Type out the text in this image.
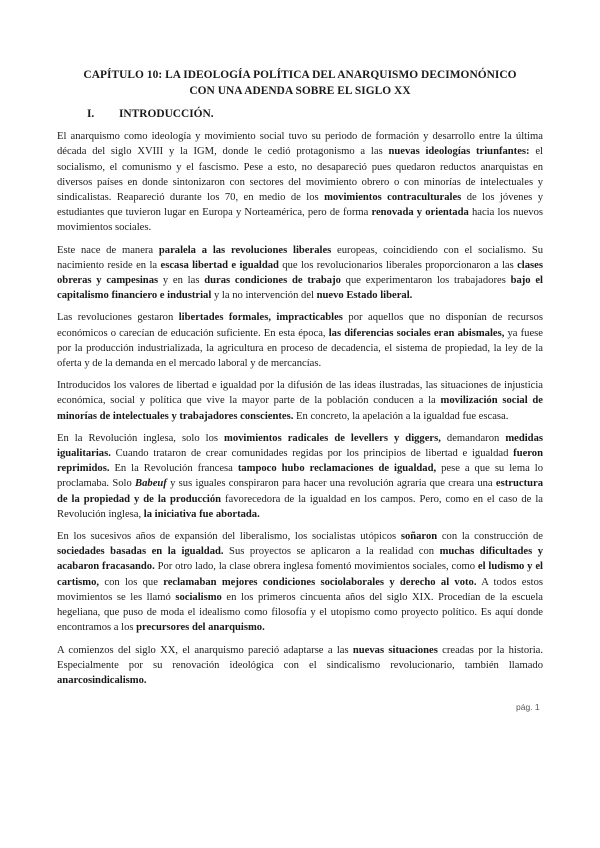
CAPÍTULO 10: LA IDEOLOGÍA POLÍTICA DEL ANARQUISMO DECIMONÓNICO
CON UNA ADENDA SOBRE EL SIGLO XX
I.	INTRODUCCIÓN.

El anarquismo como ideología y movimiento social tuvo su periodo de formación y desarrollo entre la última década del siglo XVIII y la IGM, donde le cedió protagonismo a las nuevas ideologías triunfantes: el socialismo, el comunismo y el fascismo. Pese a esto, no desapareció pues quedaron reductos anarquistas en diversos países en donde sintonizaron con sectores del movimiento obrero o con minorías de intelectuales y sindicalistas. Reapareció durante los 70, en medio de los movimientos contraculturales de los jóvenes y estudiantes que tuvieron lugar en Europa y Norteamérica, pero de forma renovada y orientada hacia los nuevos movimientos sociales.

Este nace de manera paralela a las revoluciones liberales europeas, coincidiendo con el socialismo. Su nacimiento reside en la escasa libertad e igualdad que los revolucionarios liberales proporcionaron a las clases obreras y campesinas y en las duras condiciones de trabajo que experimentaron los trabajadores bajo el capitalismo financiero e industrial y la no intervención del nuevo Estado liberal.

Las revoluciones gestaron libertades formales, impracticables por aquellos que no disponían de recursos económicos o carecían de educación suficiente. En esta época, las diferencias sociales eran abismales, ya fuese por la producción industrializada, la agricultura en proceso de decadencia, el sistema de propiedad, la ley de la oferta y de la demanda en el mercado laboral y de mercancías.

Introducidos los valores de libertad e igualdad por la difusión de las ideas ilustradas, las situaciones de injusticia económica, social y política que vive la mayor parte de la población conducen a la movilización social de minorías de intelectuales y trabajadores conscientes. En concreto, la apelación a la igualdad fue escasa.

En la Revolución inglesa, solo los movimientos radicales de levellers y diggers, demandaron medidas igualitarias. Cuando trataron de crear comunidades regidas por los principios de libertad e igualdad fueron reprimidos. En la Revolución francesa tampoco hubo reclamaciones de igualdad, pese a que su lema lo proclamaba. Solo Babeuf y sus iguales conspiraron para hacer una revolución agraria que creara una estructura de la propiedad y de la producción favorecedora de la igualdad en los campos. Pero, como en el caso de la Revolución inglesa, la iniciativa fue abortada.

En los sucesivos años de expansión del liberalismo, los socialistas utópicos soñaron con la construcción de sociedades basadas en la igualdad. Sus proyectos se aplicaron a la realidad con muchas dificultades y acabaron fracasando. Por otro lado, la clase obrera inglesa fomentó movimientos sociales, como el ludismo y el cartismo, con los que reclamaban mejores condiciones sociolaborales y derecho al voto. A todos estos movimientos se les llamó socialismo en los primeros cincuenta años del siglo XIX. Procedían de la escuela hegeliana, que puso de moda el idealismo como filosofía y el utopismo como proyecto político. Es aquí donde encontramos a los precursores del anarquismo.

A comienzos del siglo XX, el anarquismo pareció adaptarse a las nuevas situaciones creadas por la historia. Especialmente por su renovación ideológica con el sindicalismo revolucionario, también llamado anarcosindicalismo.

pág. 1
